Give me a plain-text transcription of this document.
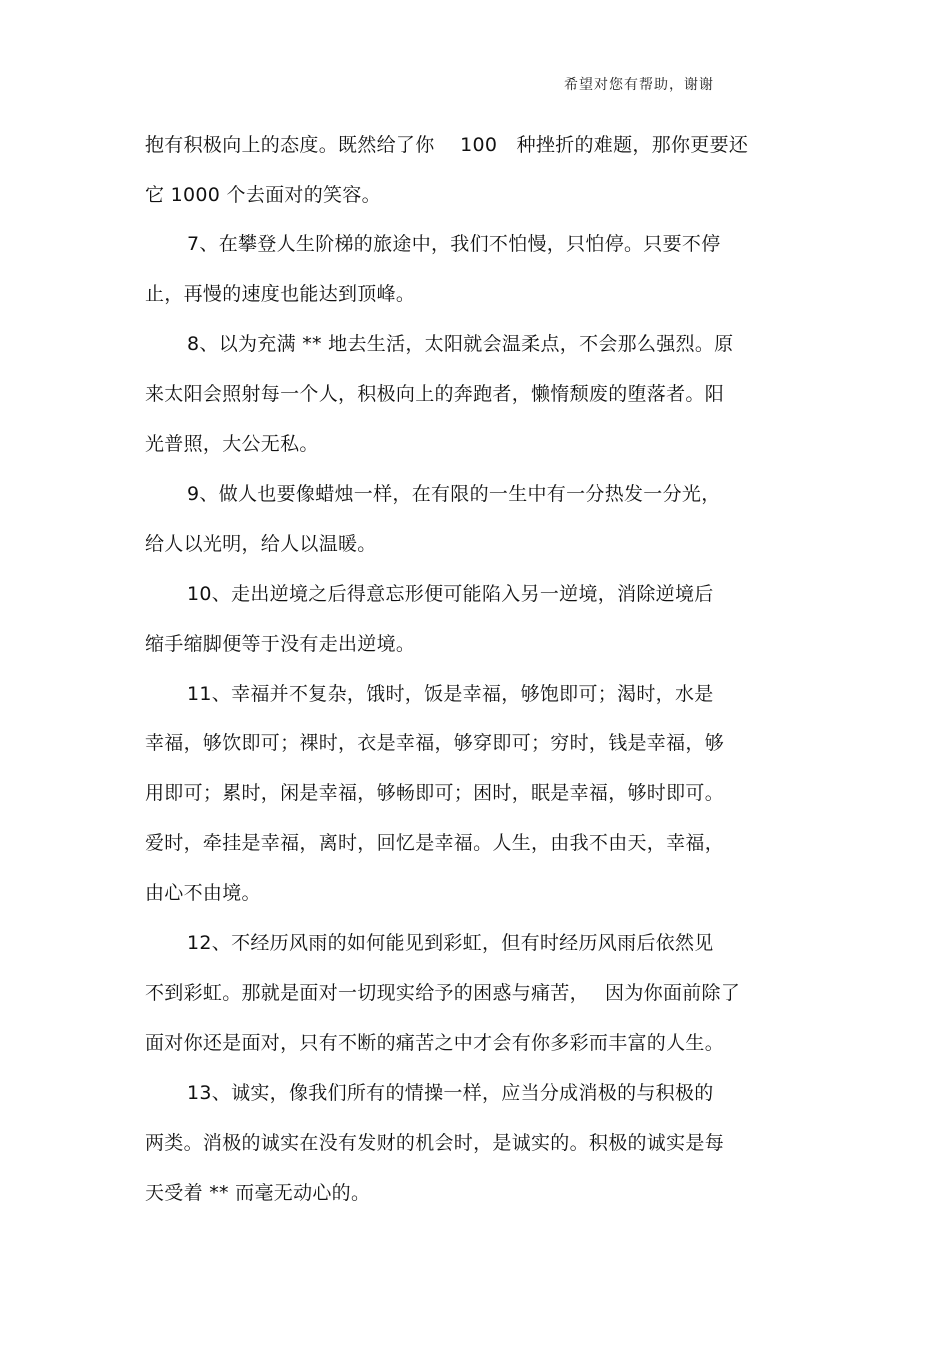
希望对您有帮助，谢谢
抱有积极向上的态度。既然给了你　 100　种挫折的难题，那你更要还
它 1000 个去面对的笑容。
7、在攀登人生阶梯的旅途中，我们不怕慢，只怕停。只要不停
止，再慢的速度也能达到顶峰。
8、以为充满 ** 地去生活，太阳就会温柔点，不会那么强烈。原
来太阳会照射每一个人，积极向上的奔跑者，懒惰颓废的堕落者。阳
光普照，大公无私。
9、做人也要像蜡烛一样，在有限的一生中有一分热发一分光，
给人以光明，给人以温暖。
10、走出逆境之后得意忘形便可能陷入另一逆境，消除逆境后
缩手缩脚便等于没有走出逆境。
11、幸福并不复杂，饿时，饭是幸福，够饱即可；渴时，水是
幸福，够饮即可；裸时，衣是幸福，够穿即可；穷时，钱是幸福，够
用即可；累时，闲是幸福，够畅即可；困时，眠是幸福，够时即可。
爱时，牵挂是幸福，离时，回忆是幸福。人生，由我不由天，幸福，
由心不由境。
12、不经历风雨的如何能见到彩虹，但有时经历风雨后依然见
不到彩虹。那就是面对一切现实给予的困惑与痛苦，　 因为你面前除了
面对你还是面对，只有不断的痛苦之中才会有你多彩而丰富的人生。
13、诚实，像我们所有的情操一样，应当分成消极的与积极的
两类。消极的诚实在没有发财的机会时，是诚实的。积极的诚实是每
天受着 ** 而毫无动心的。
